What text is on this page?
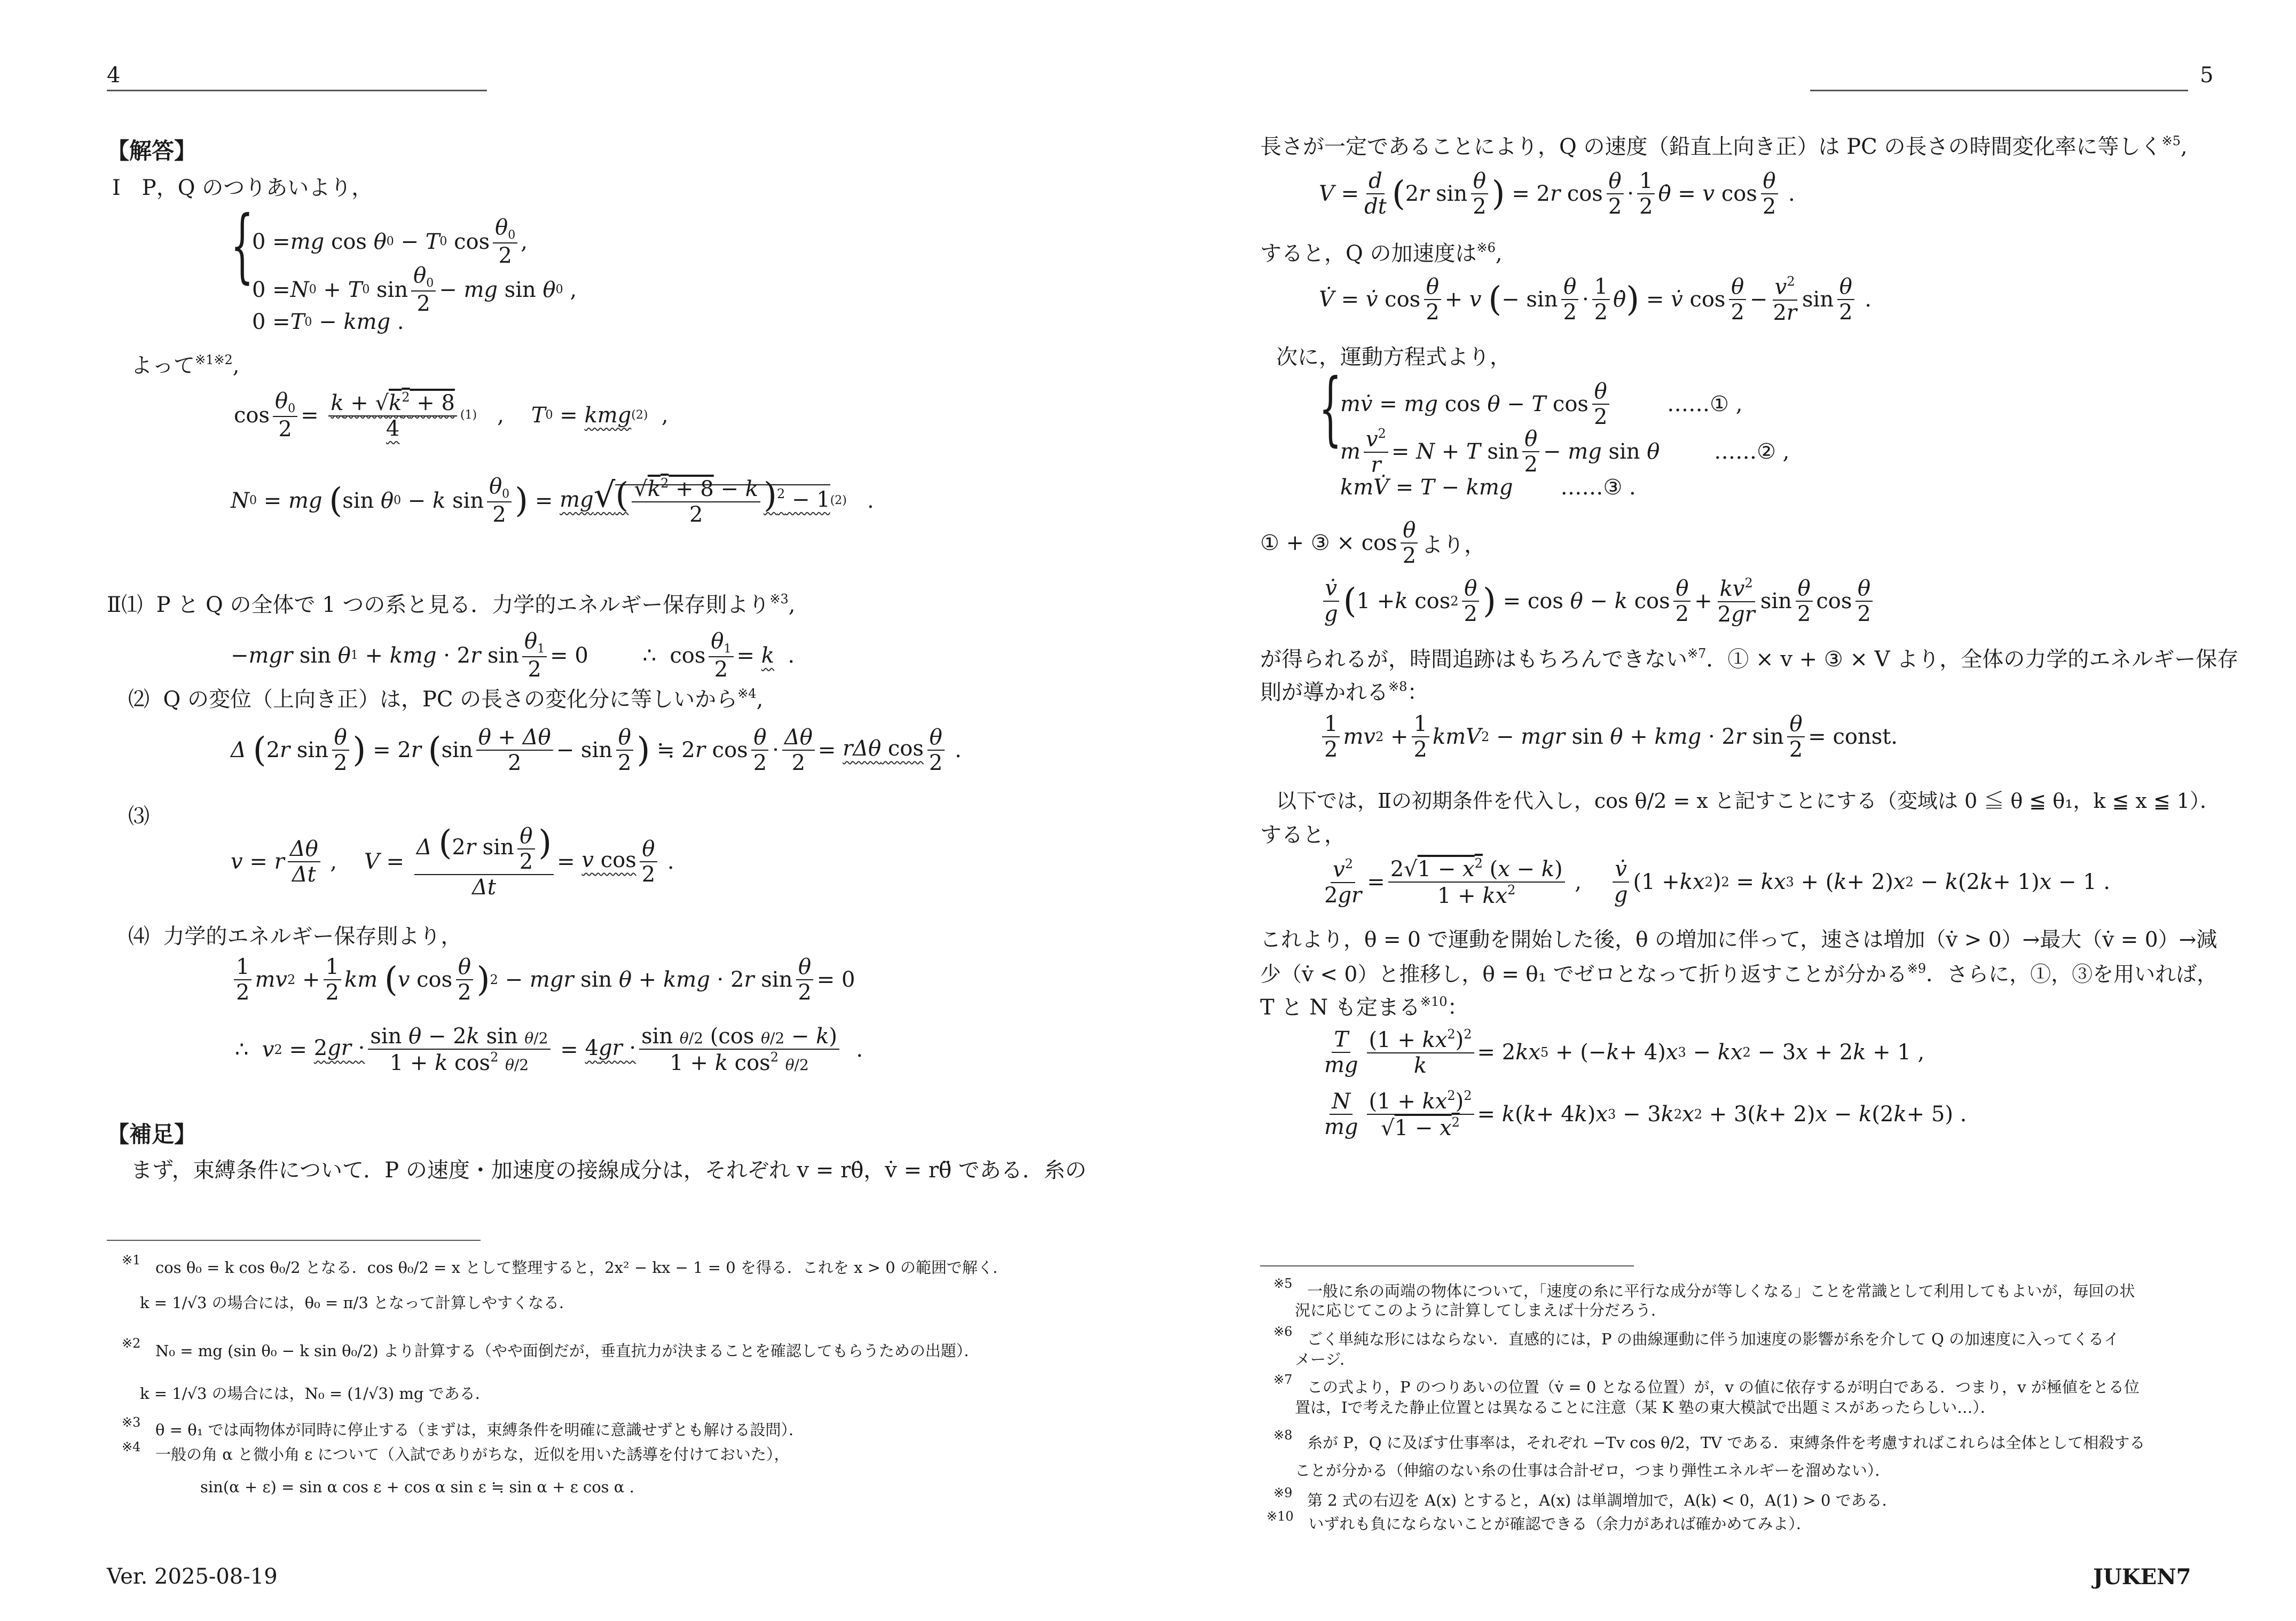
4
【解答】
Ⅰ　P，Q のつりあいより，
{
0 = mg cos θ 0 − T 0 $\cos \frac{\theta_0}{2}$ ,
0 = N 0 + T 0 $\sin \frac{\theta_0}{2}$ − mg sin θ 0 ,
0 = T 0 − kmg .
よって$^{※1※2}$,
$\cos \frac{\theta_0}{2} = \frac{k + √k^2 + 8}{4} (1)$ , T 0 = kmg (2) ,
N 0 = mg
( sin θ 0 − k $\sin \frac{\theta_0}{2}$ ) = $mg√( \frac{√k^2 + 8 - k}{2} )^2 - 1$ (2) .
Ⅱ⑴ P と Q の全体で 1 つの系と見る．力学的エネルギー保存則より$^{※3}$,
− mgr sin θ 1 + kmg · 2 r $\sin \frac{\theta_1}{2} = 0$        ∴  $\cos \frac{\theta_1}{2} = k$ .
⑵ Q の変位（上向き正）は，PC の長さの変化分に等しいから$^{※4}$,
Δ
( 2 r $\sin \frac{\theta}{2}$ ) = 2 r
( $\sin \frac{\theta + \Delta\theta}{2} - \sin \frac{\theta}{2}$ ) ≒ 2 r $\cos \frac{\theta}{2} \cdot \frac{\Delta\theta}{2} = r\Delta\theta$ $\cos \frac{\theta}{2}$ .
⑶
v = r $\frac{\Delta\theta}{\Delta t}$ , $V = \frac{\Delta (2r \sin \frac{\theta}{2} )}{\Delta t} = v$ $\cos \frac{\theta}{2}$ .
⑷ 力学的エネルギー保存則より，
$\frac{1}{2}$ mv $2 + \frac{1}{2}$ km
( v $\cos \frac{\theta}{2}$ ) 2 − mgr sin θ + kmg · 2 r $\sin \frac{\theta}{2} = 0$
∴ v $2 = 2gr \cdot \frac{\text{sin θ − 2k sin θ/2}}{1 + k \cos^2 \theta/2} = 4gr \cdot \frac{\text{sin θ/2 (cos θ/2 − k)}}{1 + k \cos^2 \theta/2}$ .
【補足】
まず，束縛条件について．P の速度・加速度の接線成分は，それぞれ v = rθ̇，v̇ = rθ̈ である．糸の
$^{※1}$ cos θ₀ = k cos θ₀/2 となる．cos θ₀/2 = x として整理すると，2x² − kx − 1 = 0 を得る．これを x > 0 の範囲で解く．
k = 1/√3 の場合には，θ₀ = π/3 となって計算しやすくなる．
$^{※2}$ N₀ = mg (sin θ₀ − k sin θ₀/2) より計算する（やや面倒だが，垂直抗力が決まることを確認してもらうための出題）．
k = 1/√3 の場合には，N₀ = (1/√3) mg である．
$^{※3}$ θ = θ₁ では両物体が同時に停止する（まずは，束縛条件を明確に意識せずとも解ける設問）．
$^{※4}$ 一般の角 α と微小角 ε について（入試でありがちな，近似を用いた誘導を付けておいた），
sin(α + ε) = sin α cos ε + cos α sin ε ≒ sin α + ε cos α .
Ver. 2025-08-19
5
長さが一定であることにより，Q の速度（鉛直上向き正）は PC の長さの時間変化率に等しく$^{※5}$,
$V = \frac{d}{dt}$ ( 2 r $\sin \frac{\theta}{2}$ ) = 2 r $\cos \frac{\theta}{2} \cdot \frac{1}{2}$ θ̇ = v $\cos \frac{\theta}{2}$ .
すると，Q の加速度は$^{※6}$,
V̇ = v̇ $\cos \frac{\theta}{2} + v$
( − $\sin \frac{\theta}{2} \cdot \frac{1}{2}$ θ̇ ) = v̇ $\cos \frac{\theta}{2} - \frac{v^2}{2r}$ $\sin \frac{\theta}{2}$ .
次に，運動方程式より，
{
mv̇ = mg cos θ − T $\cos \frac{\theta}{2}$ ……① ,
m $\frac{v^2}{r} = N + T$ $\sin \frac{\theta}{2}$ − mg sin θ ……② ,
kmV̇ = T − kmg ……③ .
① + ③ × $\cos \frac{\theta}{2}$ より，
$\frac{v̇}{g}$ ( 1 + k $\cos 2 \frac{\theta}{2}$ ) = cos θ − k $\cos \frac{\theta}{2} + \frac{kv^2}{2gr}$ $\sin \frac{\theta}{2}$ $\cos \frac{\theta}{2}$
が得られるが，時間追跡はもちろんできない$^{※7}$．① × v + ③ × V より，全体の力学的エネルギー保存
則が導かれる$^{※8}$：
$\frac{1}{2}$ mv $2 + \frac{1}{2}$ kmV 2 − mgr sin θ + kmg · 2 r $\sin \frac{\theta}{2}$ = const.
以下では，Ⅱの初期条件を代入し，cos θ/2 = x と記すことにする（変域は 0 ≦ θ ≦ θ₁，k ≦ x ≦ 1）．
すると，
$\frac{v^2}{2gr} = \frac{2√1 - x^2 (x - k)}{1 + kx^2}$ , $\frac{v̇}{g} (1$ + kx 2 ) 2 = kx 3 + ( k + 2) x 2 − k (2 k + 1) x − 1 .
これより，θ = 0 で運動を開始した後，θ の増加に伴って，速さは増加（v̇ > 0）→最大（v̇ = 0）→減
少（v̇ < 0）と推移し，θ = θ₁ でゼロとなって折り返すことが分かる$^{※9}$．さらに，①，③を用いれば，
T と N も定まる$^{※10}$：
$\frac{T}{mg} \frac{(1 + kx^2)^2}{k} = 2$ kx 5 + (− k + 4) x 3 − kx 2 − 3 x + 2 k + 1 ,
$\frac{N}{mg} \frac{(1 + kx^2)^2}{√1 - x^2} = k$ ( k + 4 k ) x 3 − 3 k 2 x 2 + 3( k + 2) x − k (2 k + 5) .
$^{※5}$ 一般に糸の両端の物体について，「速度の糸に平行な成分が等しくなる」ことを常識として利用してもよいが，毎回の状
況に応じてこのように計算してしまえば十分だろう．
$^{※6}$ ごく単純な形にはならない．直感的には，P の曲線運動に伴う加速度の影響が糸を介して Q の加速度に入ってくるイ
メージ．
$^{※7}$ この式より，P のつりあいの位置（v̇ = 0 となる位置）が，v の値に依存するが明白である．つまり，v が極値をとる位
置は，Ⅰで考えた静止位置とは異なることに注意（某 K 塾の東大模試で出題ミスがあったらしい…）．
$^{※8}$ 糸が P，Q に及ぼす仕事率は，それぞれ −Tv cos θ/2，TV である．束縛条件を考慮すればこれらは全体として相殺する
ことが分かる（伸縮のない糸の仕事は合計ゼロ，つまり弾性エネルギーを溜めない）．
$^{※9}$ 第 2 式の右辺を A(x) とすると，A(x) は単調増加で，A(k) < 0，A(1) > 0 である．
$^{※10}$ いずれも負にならないことが確認できる（余力があれば確かめてみよ）．
JUKEN7
